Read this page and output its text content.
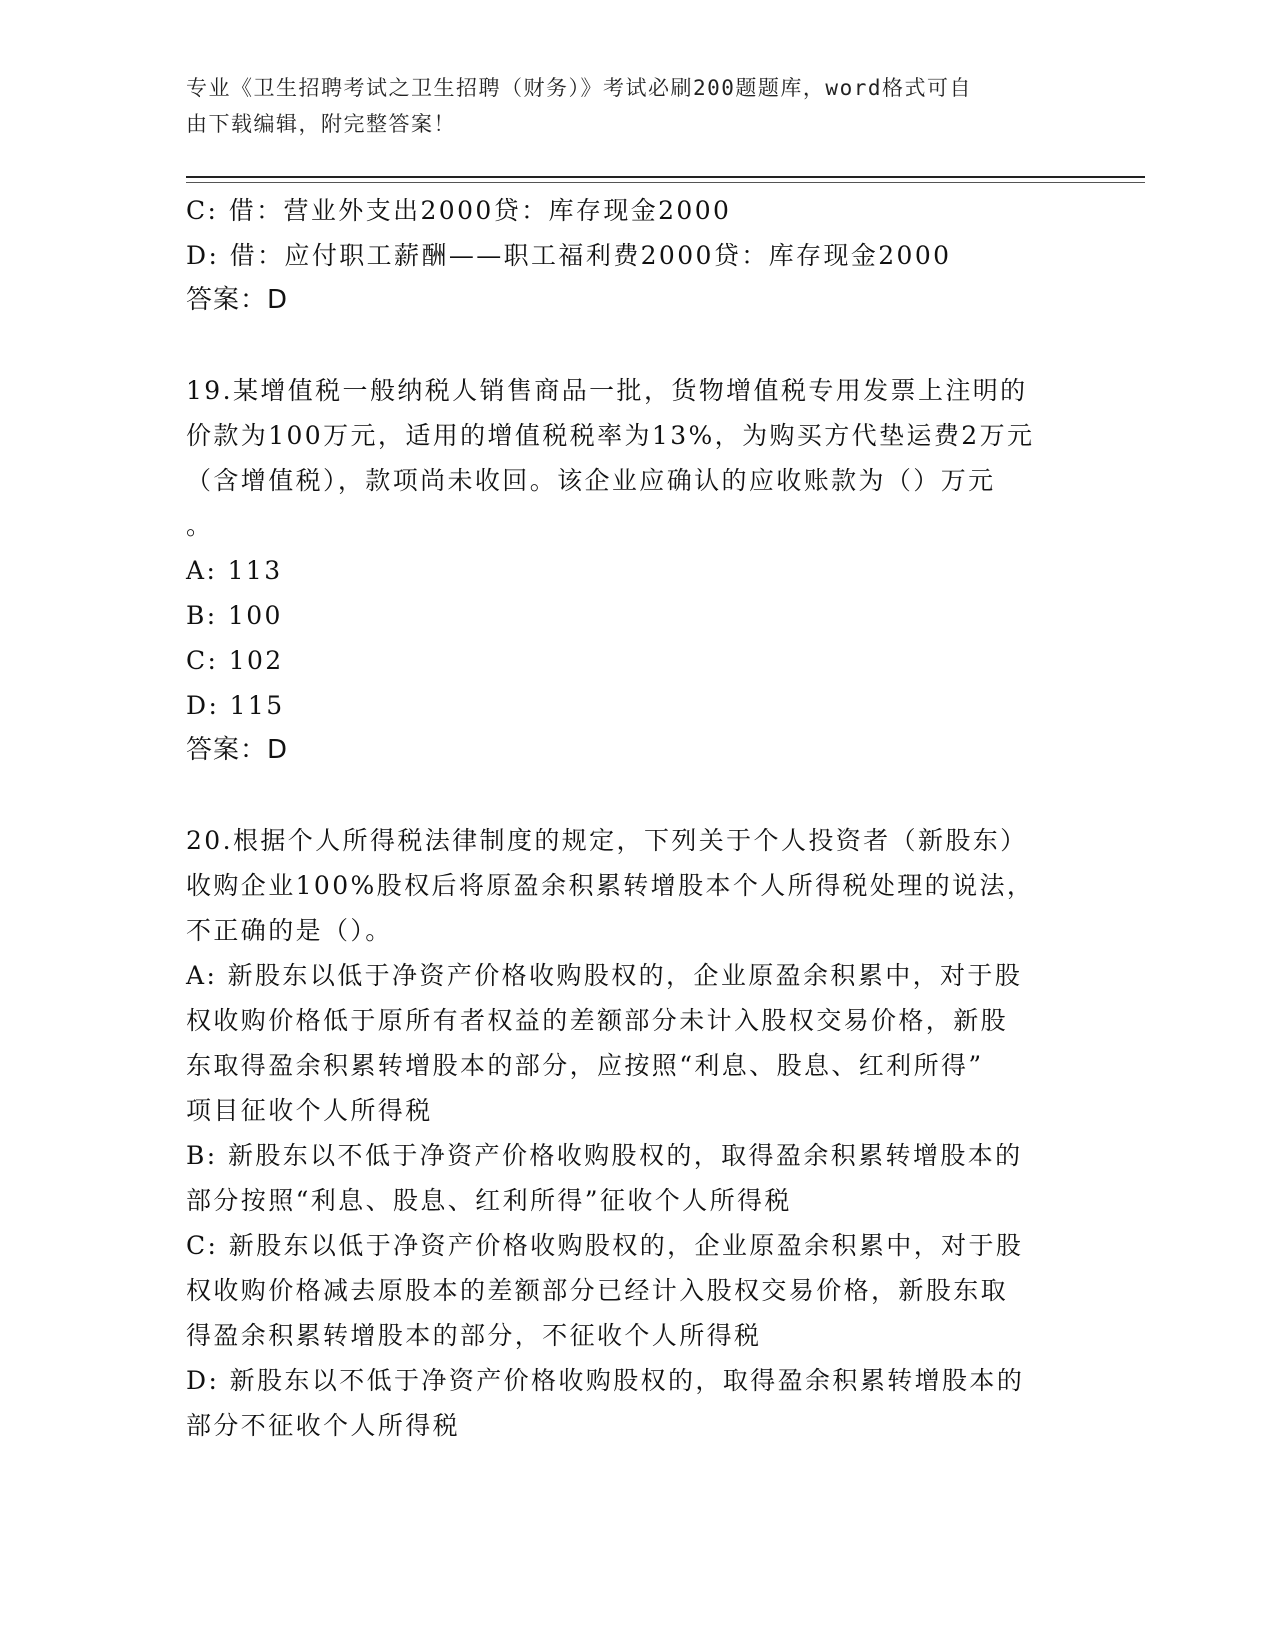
专业《卫生招聘考试之卫生招聘（财务）》考试必刷200题题库，word格式可自
由下载编辑，附完整答案！
C: 借：营业外支出2000贷：库存现金2000
D: 借：应付职工薪酬——职工福利费2000贷：库存现金2000
答案：D
19.某增值税一般纳税人销售商品一批，货物增值税专用发票上注明的
价款为100万元，适用的增值税税率为13%，为购买方代垫运费2万元
（含增值税），款项尚未收回。该企业应确认的应收账款为（）万元
。
A: 113
B: 100
C: 102
D: 115
答案：D
20.根据个人所得税法律制度的规定，下列关于个人投资者（新股东）
收购企业100%股权后将原盈余积累转增股本个人所得税处理的说法，
不正确的是（）。
A: 新股东以低于净资产价格收购股权的，企业原盈余积累中，对于股
权收购价格低于原所有者权益的差额部分未计入股权交易价格，新股
东取得盈余积累转增股本的部分，应按照“利息、股息、红利所得”
项目征收个人所得税
B: 新股东以不低于净资产价格收购股权的，取得盈余积累转增股本的
部分按照“利息、股息、红利所得”征收个人所得税
C: 新股东以低于净资产价格收购股权的，企业原盈余积累中，对于股
权收购价格减去原股本的差额部分已经计入股权交易价格，新股东取
得盈余积累转增股本的部分，不征收个人所得税
D: 新股东以不低于净资产价格收购股权的，取得盈余积累转增股本的
部分不征收个人所得税
